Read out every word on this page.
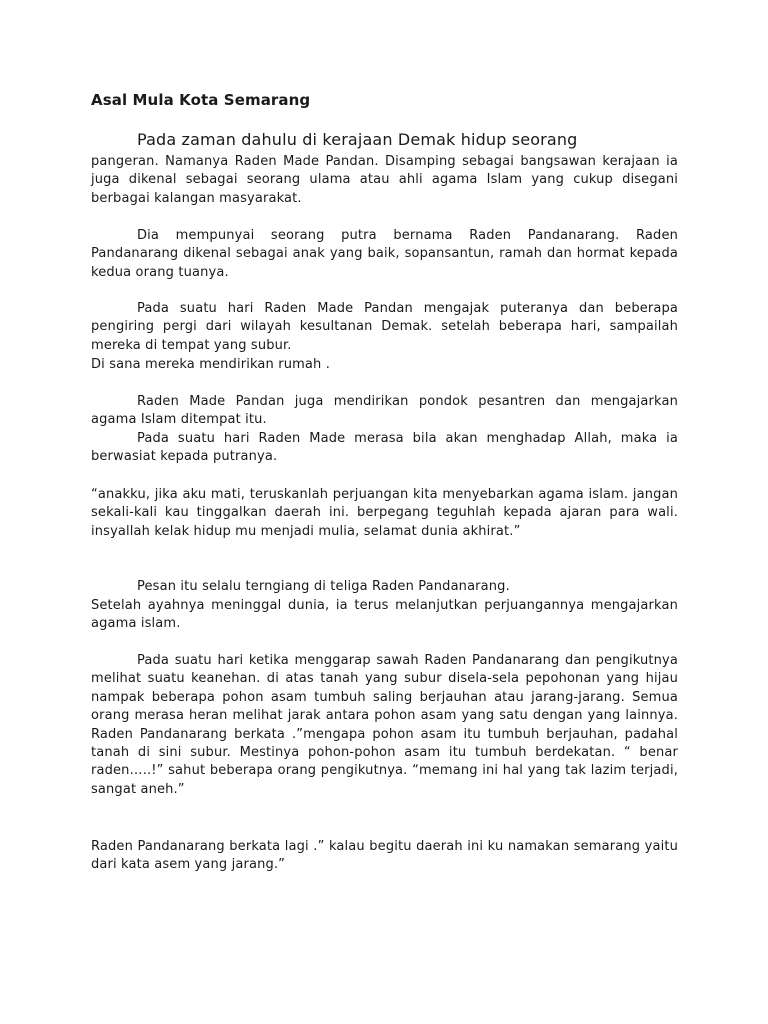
Asal Mula Kota Semarang
Pada zaman dahulu di kerajaan Demak hidup seorang
pangeran. Namanya Raden Made Pandan. Disamping sebagai bangsawan kerajaan ia juga dikenal sebagai seorang ulama atau ahli agama Islam yang cukup disegani berbagai kalangan masyarakat.
Dia mempunyai seorang putra bernama Raden Pandanarang. Raden Pandanarang dikenal sebagai anak yang baik, sopansantun, ramah dan hormat kepada kedua orang tuanya.
Pada suatu hari Raden Made Pandan mengajak puteranya dan beberapa pengiring pergi dari wilayah kesultanan Demak. setelah beberapa hari, sampailah mereka di tempat yang subur.
Di sana mereka mendirikan rumah .
Raden Made Pandan juga mendirikan pondok pesantren dan mengajarkan agama Islam ditempat itu.
Pada suatu hari Raden Made merasa bila akan menghadap Allah, maka ia berwasiat kepada putranya.
“anakku, jika aku mati, teruskanlah perjuangan kita menyebarkan agama islam. jangan sekali-kali kau tinggalkan daerah ini. berpegang teguhlah kepada ajaran para wali. insyallah kelak hidup mu menjadi mulia, selamat dunia akhirat.”
Pesan itu selalu terngiang di teliga Raden Pandanarang.
Setelah ayahnya meninggal dunia, ia terus melanjutkan perjuangannya mengajarkan agama islam.
Pada suatu hari ketika menggarap sawah Raden Pandanarang dan pengikutnya melihat suatu keanehan. di atas tanah yang subur disela-sela pepohonan yang hijau nampak beberapa pohon asam tumbuh saling berjauhan atau jarang-jarang. Semua orang merasa heran melihat jarak antara pohon asam yang satu dengan yang lainnya. Raden Pandanarang berkata .”mengapa pohon asam itu tumbuh berjauhan, padahal tanah di sini subur. Mestinya pohon-pohon asam itu tumbuh berdekatan. “ benar raden…..!” sahut beberapa orang pengikutnya. “memang ini hal yang tak lazim terjadi, sangat aneh.”
Raden Pandanarang berkata lagi .” kalau begitu daerah ini ku namakan semarang yaitu dari kata asem yang jarang.”
